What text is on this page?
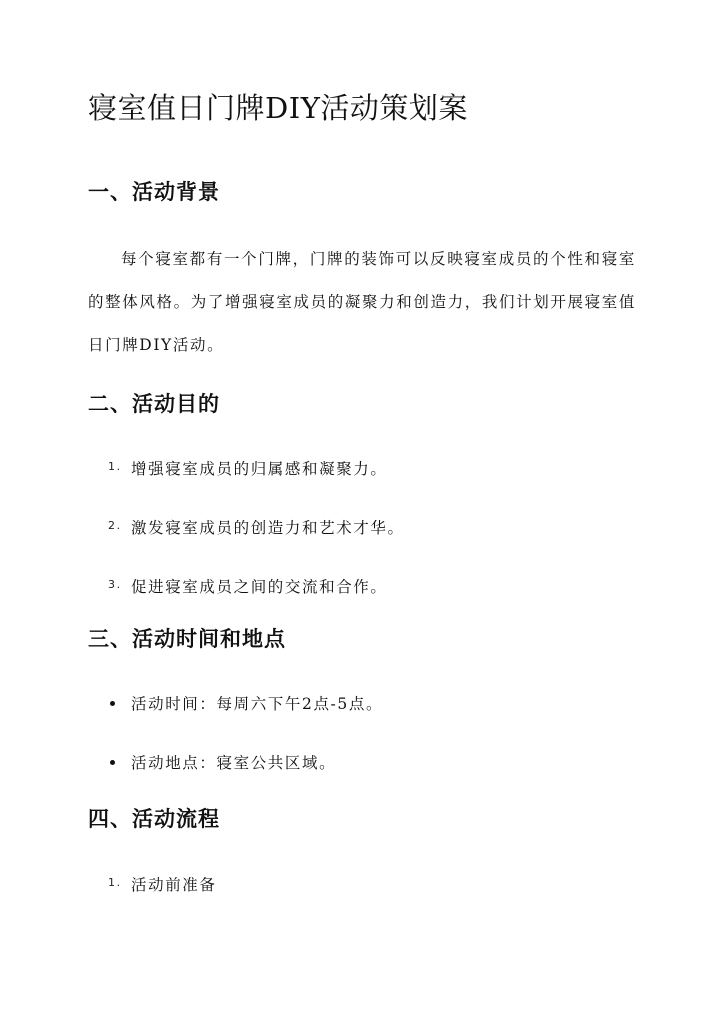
寝室值日门牌DIY活动策划案
一、活动背景

每个寝室都有一个门牌，门牌的装饰可以反映寝室成员的个性和寝室的整体风格。为了增强寝室成员的凝聚力和创造力，我们计划开展寝室值日门牌DIY活动。

二、活动目的
1. 增强寝室成员的归属感和凝聚力。
2. 激发寝室成员的创造力和艺术才华。
3. 促进寝室成员之间的交流和合作。
三、活动时间和地点
活动时间：每周六下午2点-5点。
活动地点：寝室公共区域。
四、活动流程
1. 活动前准备
